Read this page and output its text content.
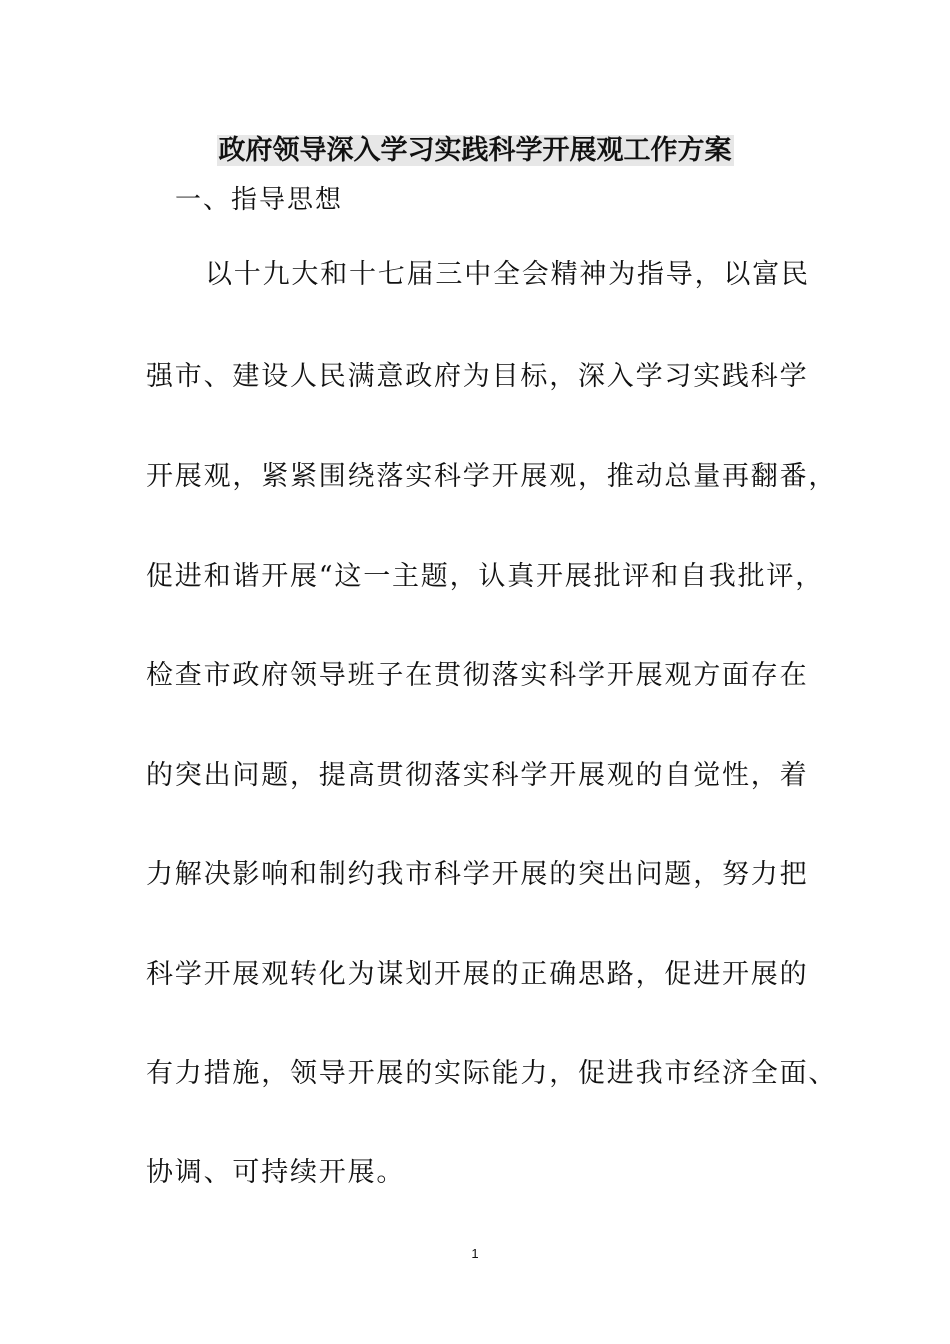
政府领导深入学习实践科学开展观工作方案

一、指导思想

以十九大和十七届三中全会精神为指导，以富民

强市、建设人民满意政府为目标，深入学习实践科学

开展观，紧紧围绕落实科学开展观，推动总量再翻番，

促进和谐开展“这一主题，认真开展批评和自我批评，

检查市政府领导班子在贯彻落实科学开展观方面存在

的突出问题，提高贯彻落实科学开展观的自觉性，着

力解决影响和制约我市科学开展的突出问题，努力把

科学开展观转化为谋划开展的正确思路，促进开展的

有力措施，领导开展的实际能力，促进我市经济全面、

协调、可持续开展。

1
